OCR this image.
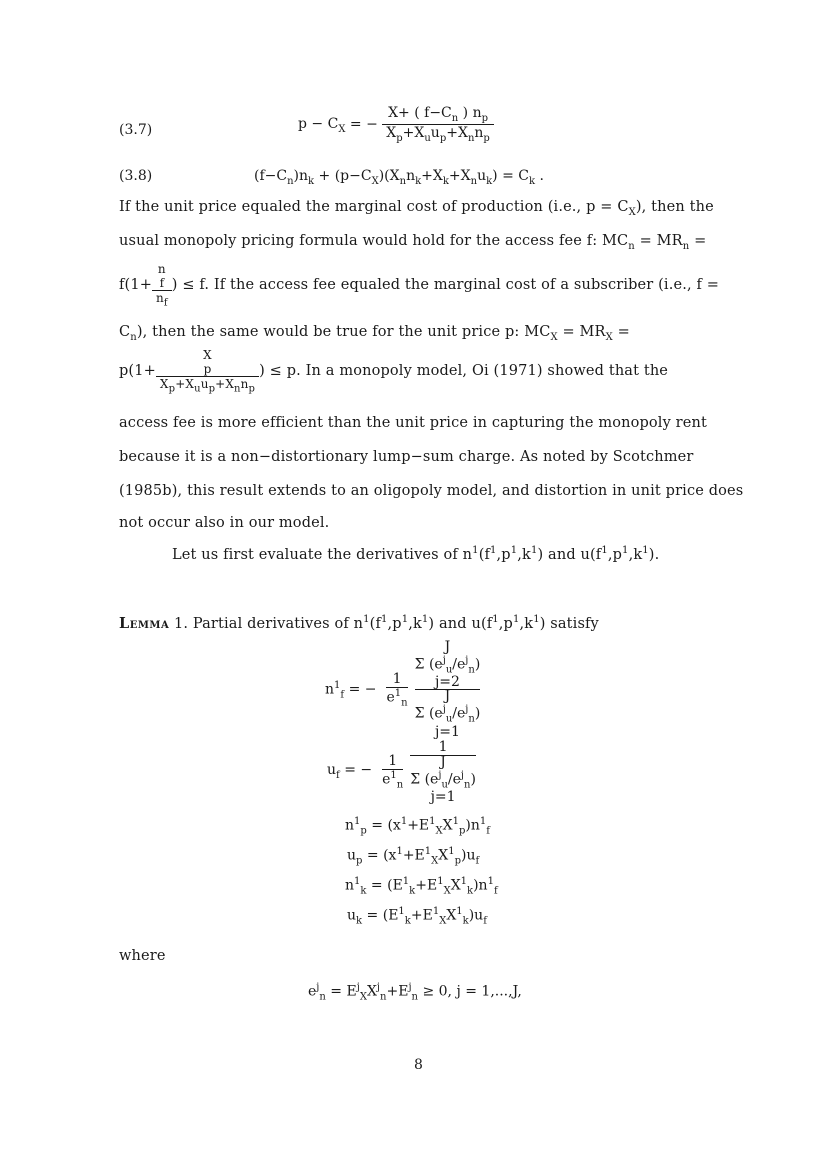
(3.7)	$p - C_X$ = − $\frac{X+ ( f-C_n ) n_p}{X_p+X_uu_p+X_nn_p}$
(3.8)	$(f-C_n)n_k + (p-C_X)(X_nn_k+X_k+X_nu_k) = C_k$ .
If the unit price equaled the marginal cost of production (i.e., $p = C_X$), then the
usual monopoly pricing formula would hold for the access fee f: $MC_n = MR_n$ =
f(1+
n
f
$n_f$
) ≤ f. If the access fee equaled the marginal cost of a subscriber (i.e., f =
$C_n$), then the same would be true for the unit price p: $MC_X = MR_X$ =
p(1+
X
p
$X_p+X_uu_p+X_nn_p$
) ≤ p. In a monopoly model, Oi (1971) showed that the
access fee is more efficient than the unit price in capturing the monopoly rent
because it is a non−distortionary lump−sum charge. As noted by Scotchmer
(1985b), this result extends to an oligopoly model, and distortion in unit price does
not occur also in our model.
Let us first evaluate the derivatives of $n^1(f^1,p^1,k^1)$ and $u(f^1,p^1,k^1)$.
Lemma 1. Partial derivatives of $n^1(f^1,p^1,k^1)$ and $u(f^1,p^1,k^1)$ satisfy
$n^1_f$ = −	
1
$e^1_n$

J
Σ $(e^j_u/e^j_n)$
j=2
J
Σ $(e^j_u/e^j_n)$
j=1
$u_f$ = −	
1
$e^1_n$

1
J
Σ $(e^j_u/e^j_n)$
j=1
$n^1_p = (x^1+E^1_XX^1_p)n^1_f$
$u_p = (x^1+E^1_XX^1_p)u_f$
$n^1_k = (E^1_k+E^1_XX^1_k)n^1_f$
$u_k = (E^1_k+E^1_XX^1_k)u_f$
where
$e^j_n = E^j_XX^j_n+E^j_n \ge 0$, j = 1,...,J,
8
